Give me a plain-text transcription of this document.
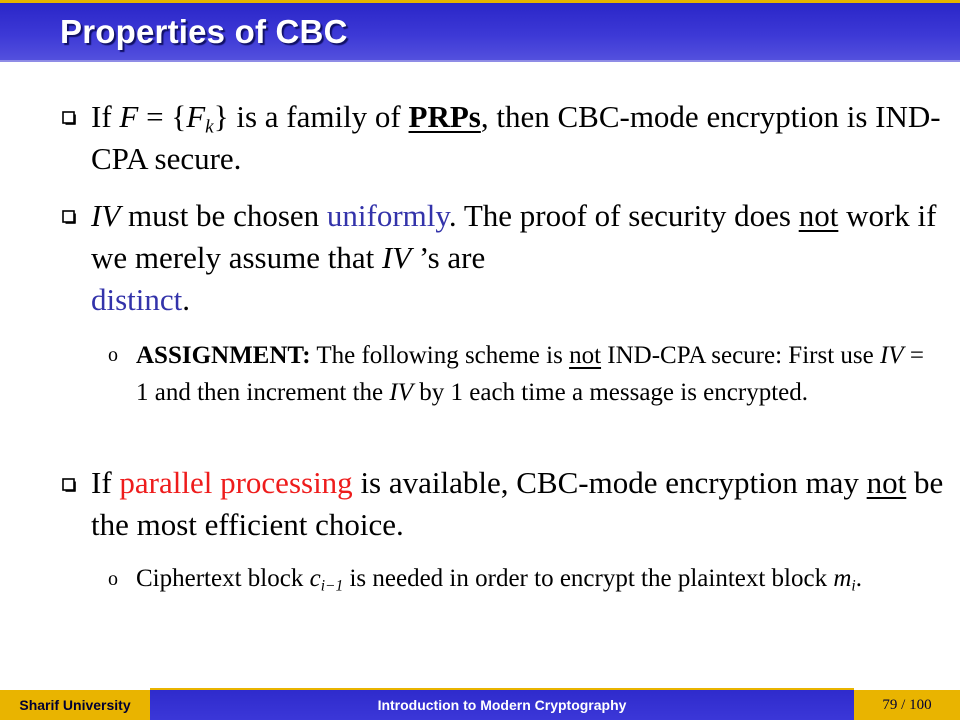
Properties of CBC
If $F = \{F_k\}$ is a family of PRPs, then CBC-mode encryption is IND-CPA secure.
IV must be chosen uniformly. The proof of security does not work if we merely assume that IV ’s are
distinct.
o ASSIGNMENT: The following scheme is not IND-CPA secure: First use IV = 1 and then increment the IV by 1 each time a message is encrypted.
If parallel processing is available, CBC-mode encryption may not be the most efficient choice.
o Ciphertext block $c_{i-1}$ is needed in order to encrypt the plaintext block $m_i$.
Sharif University	Introduction to Modern Cryptography	79 / 100
